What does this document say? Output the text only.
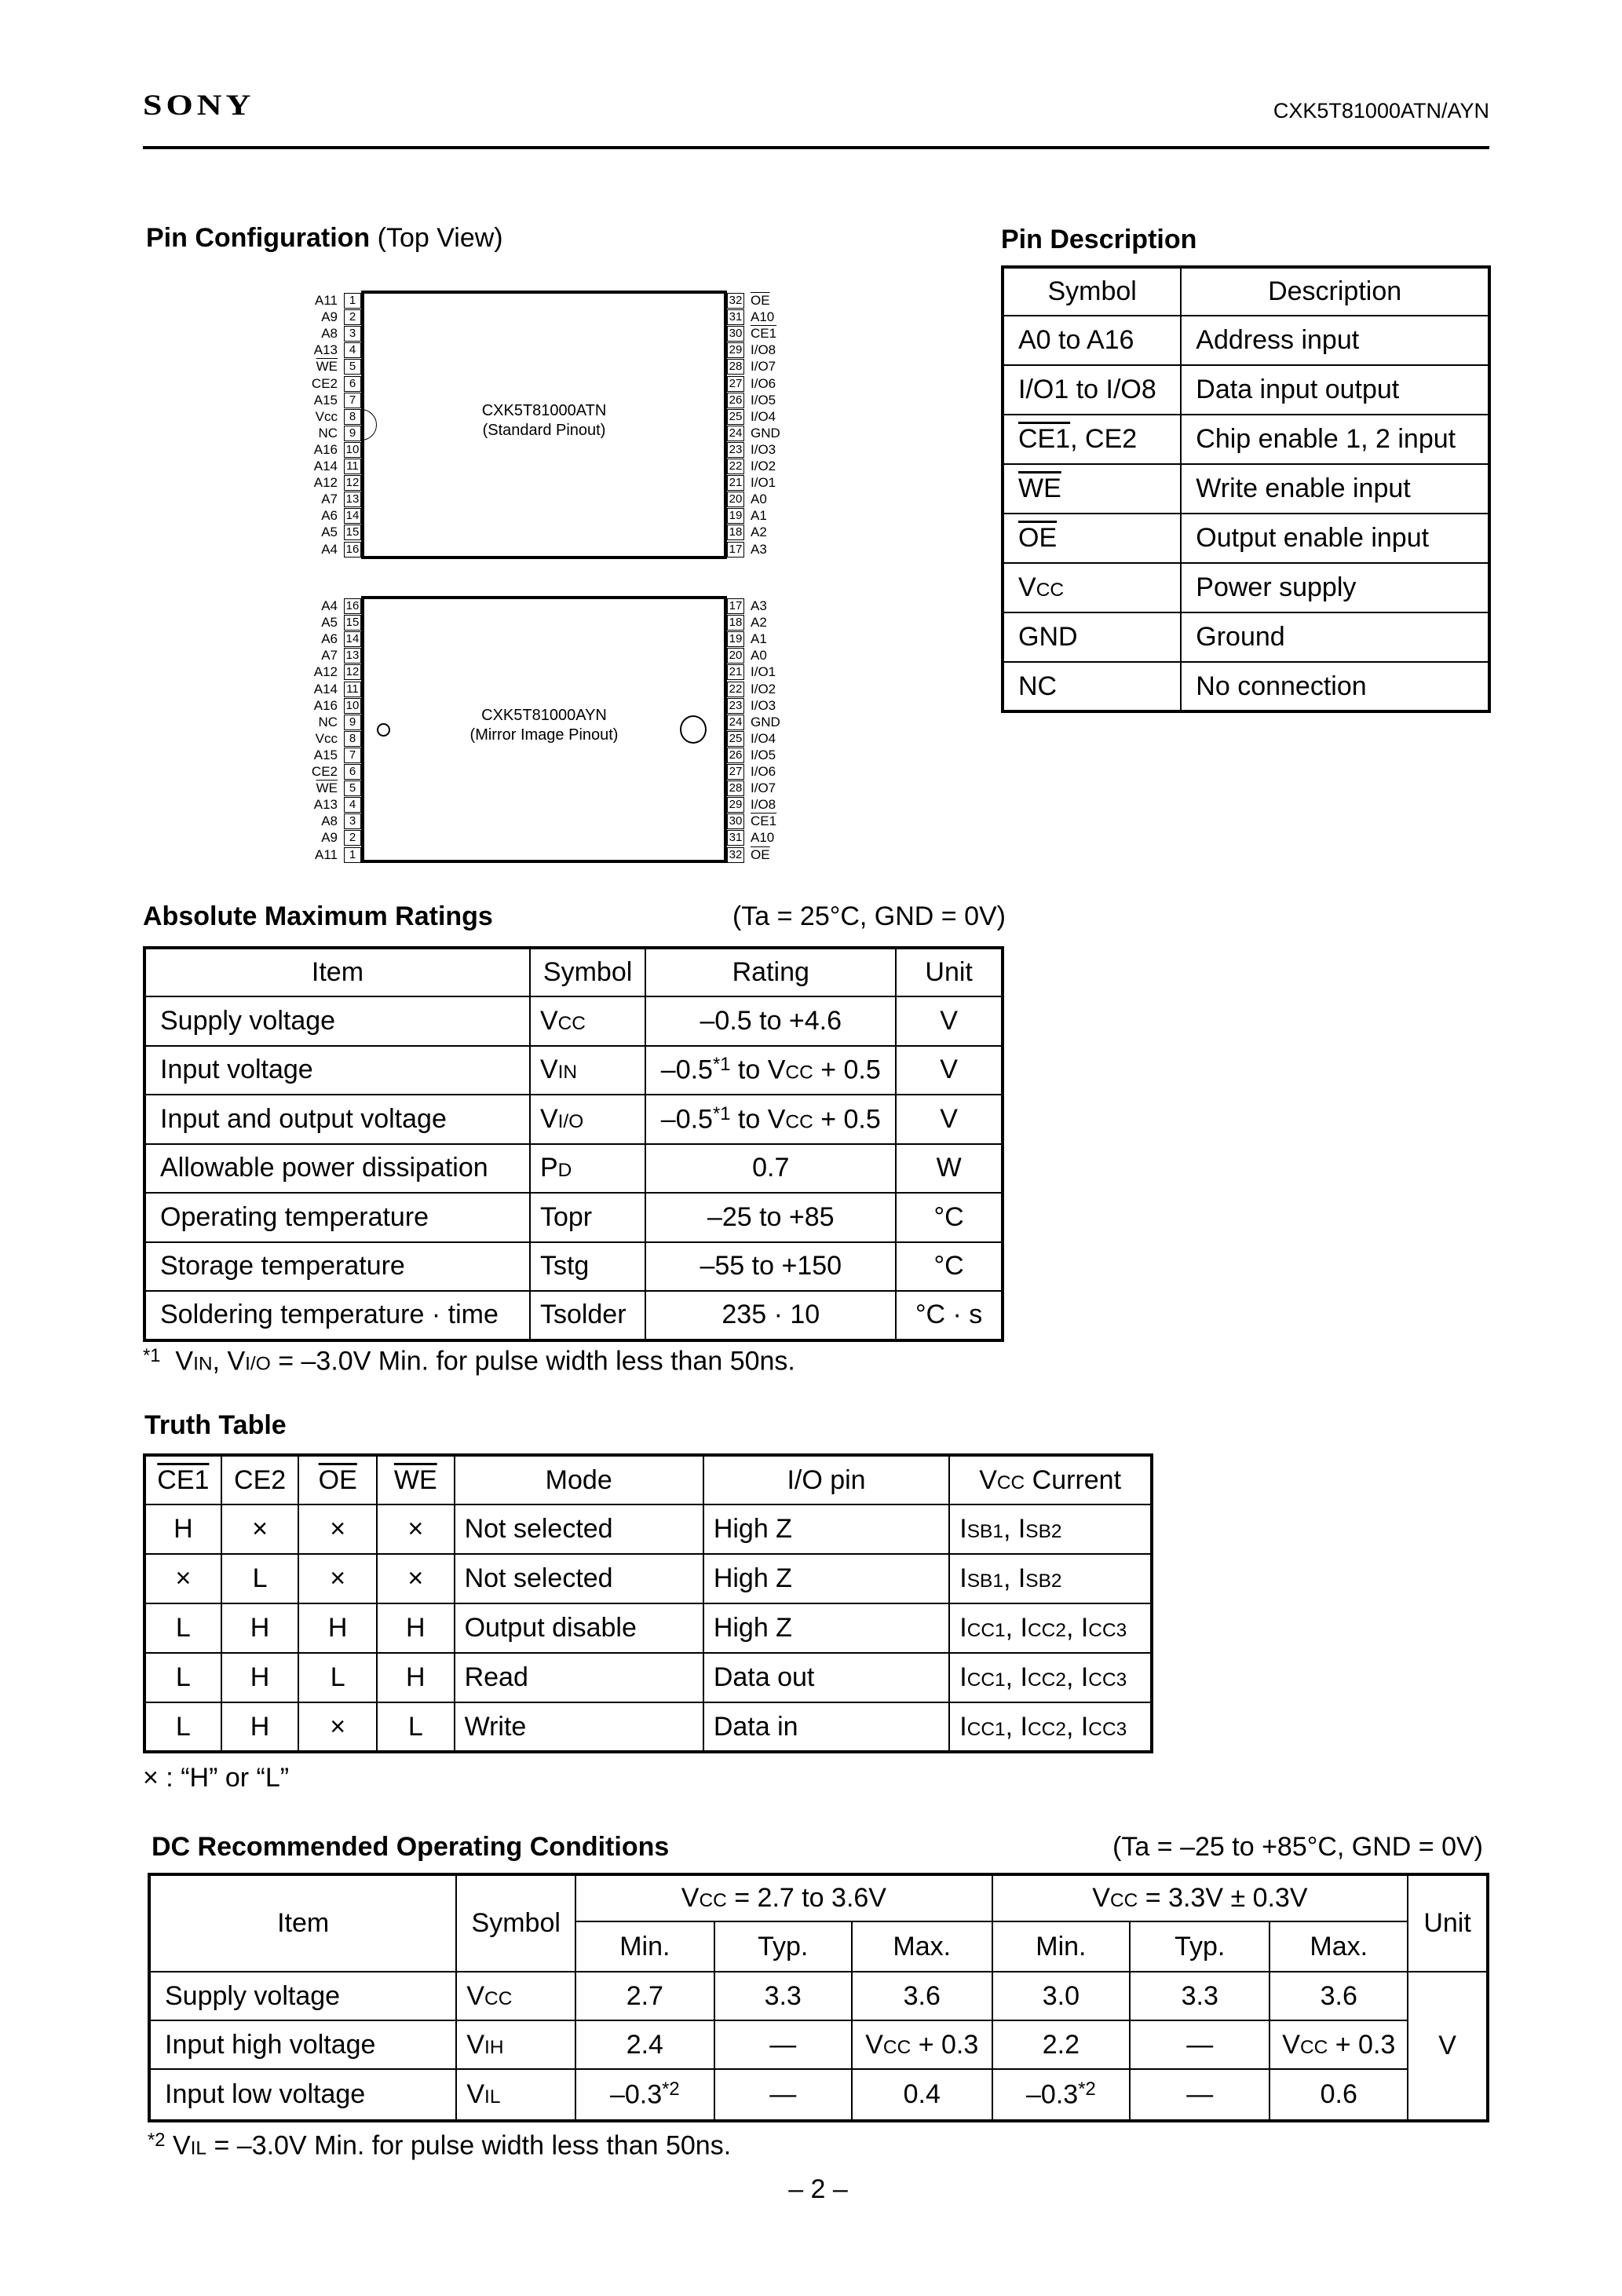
SONY	CXK5T81000ATN/AYN
Pin Configuration (Top View)
CXK5T81000ATN
(Standard Pinout)
1
A11
2
A9
3
A8
4
A13
5
$\overline{WE}$
6
CE2
7
A15
8
Vcc
9
NC
10
A16
11
A14
12
A12
13
A7
14
A6
15
A5
16
A4
32 $\overline{OE}$
31 A10
30 CE1
29 I/O8
28 I/O7
27 I/O6
26 I/O5
25 I/O4
24 GND
23 I/O3
22 I/O2
21 I/O1
20 A0
19 A1
18 A2
17 A3
CXK5T81000AYN
(Mirror Image Pinout)
16
A4
15
A5
14
A6
13
A7
12
A12
11
A14
10
A16
9
NC
8
Vcc
7
A15
6
CE2
5
$\overline{WE}$
4
A13
3
A8
2
A9
1
A11
17 A3
18 A2
19 A1
20 A0
21 I/O1
22 I/O2
23 I/O3
24 GND
25 I/O4
26 I/O5
27 I/O6
28 I/O7
29 I/O8
30 CE1
31 A10
32 $\overline{OE}$
Pin Description
Symbol	Description
A0 to A16	Address input
I/O1 to I/O8	Data input output
CE1, CE2	Chip enable 1, 2 input
$\overline{WE}$	Write enable input
$\overline{OE}$	Output enable input
VCC	Power supply
GND	Ground
NC	No connection
Absolute Maximum Ratings	(Ta = 25°C, GND = 0V)
Item	Symbol	Rating	Unit
Supply voltage	VCC	–0.5 to +4.6	V
Input voltage	VIN	–0.5$^{*1}$ to VCC + 0.5	V
Input and output voltage	VI/O	–0.5$^{*1}$ to VCC + 0.5	V
Allowable power dissipation	PD	0.7	W
Operating temperature	Topr	–25 to +85	°C
Storage temperature	Tstg	–55 to +150	°C
Soldering temperature · time	Tsolder	235 · 10	°C · s
$^{*1}$  VIN, VI/O = –3.0V Min. for pulse width less than 50ns.
Truth Table
CE1	CE2	$\overline{OE}$	$\overline{WE}$	Mode	I/O pin	VCC Current
H	×	×	×	Not selected	High Z	ISB1, ISB2
×	L	×	×	Not selected	High Z	ISB1, ISB2
L	H	H	H	Output disable	High Z	ICC1, ICC2, ICC3
L	H	L	H	Read	Data out	ICC1, ICC2, ICC3
L	H	×	L	Write	Data in	ICC1, ICC2, ICC3
× : “H” or “L”
DC Recommended Operating Conditions	(Ta = –25 to +85°C, GND = 0V)
Item	Symbol	VCC = 2.7 to 3.6V			VCC = 3.3V ± 0.3V			Unit
		Min.	Typ.	Max.	Min.	Typ.	Max.	
Supply voltage	VCC	2.7	3.3	3.6	3.0	3.3	3.6	V
Input high voltage	VIH	2.4	—	VCC + 0.3	2.2	—	VCC + 0.3	
Input low voltage	VIL	–0.3$^{*2}$	—	0.4	–0.3$^{*2}$	—	0.6	
$^{*2}$ VIL = –3.0V Min. for pulse width less than 50ns.
– 2 –
